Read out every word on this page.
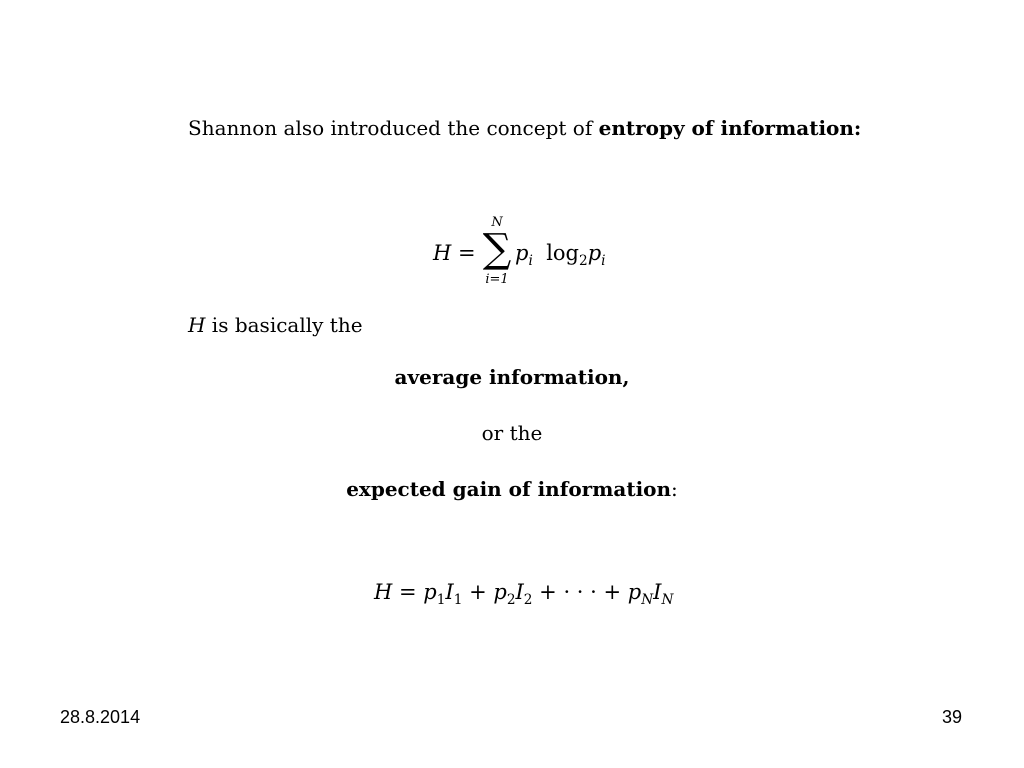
Shannon also introduced the concept of entropy of information:
H =
N
∑
i=1
$p_i$ $\log_2p_i$
H is basically the
average information,
or the
expected gain of information:
$H = p_1I_1 + p_2I_2$ + · · · + $p_NI_N$
28.8.2014	39
